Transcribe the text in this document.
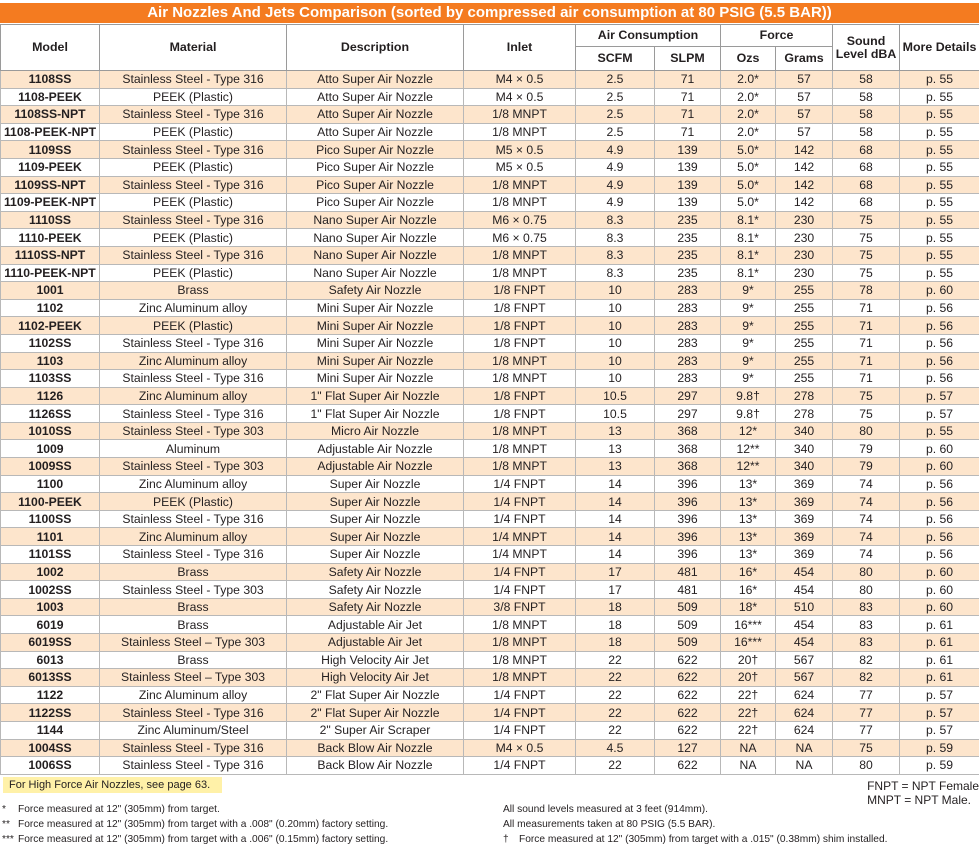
Air Nozzles And Jets Comparison (sorted by compressed air consumption at 80 PSIG (5.5 BAR))
Model	Material	Description	Inlet	Air Consumption		Force		Sound Level dBA	More Details
				SCFM	SLPM	Ozs	Grams		
1108SS	Stainless Steel - Type 316	Atto Super Air Nozzle	M4 × 0.5	2.5	71	2.0*	57	58	p. 55
1108-PEEK	PEEK (Plastic)	Atto Super Air Nozzle	M4 × 0.5	2.5	71	2.0*	57	58	p. 55
1108SS-NPT	Stainless Steel - Type 316	Atto Super Air Nozzle	1/8 MNPT	2.5	71	2.0*	57	58	p. 55
1108-PEEK-NPT	PEEK (Plastic)	Atto Super Air Nozzle	1/8 MNPT	2.5	71	2.0*	57	58	p. 55
1109SS	Stainless Steel - Type 316	Pico Super Air Nozzle	M5 × 0.5	4.9	139	5.0*	142	68	p. 55
1109-PEEK	PEEK (Plastic)	Pico Super Air Nozzle	M5 × 0.5	4.9	139	5.0*	142	68	p. 55
1109SS-NPT	Stainless Steel - Type 316	Pico Super Air Nozzle	1/8 MNPT	4.9	139	5.0*	142	68	p. 55
1109-PEEK-NPT	PEEK (Plastic)	Pico Super Air Nozzle	1/8 MNPT	4.9	139	5.0*	142	68	p. 55
1110SS	Stainless Steel - Type 316	Nano Super Air Nozzle	M6 × 0.75	8.3	235	8.1*	230	75	p. 55
1110-PEEK	PEEK (Plastic)	Nano Super Air Nozzle	M6 × 0.75	8.3	235	8.1*	230	75	p. 55
1110SS-NPT	Stainless Steel - Type 316	Nano Super Air Nozzle	1/8 MNPT	8.3	235	8.1*	230	75	p. 55
1110-PEEK-NPT	PEEK (Plastic)	Nano Super Air Nozzle	1/8 MNPT	8.3	235	8.1*	230	75	p. 55
1001	Brass	Safety Air Nozzle	1/8 FNPT	10	283	9*	255	78	p. 60
1102	Zinc Aluminum alloy	Mini Super Air Nozzle	1/8 FNPT	10	283	9*	255	71	p. 56
1102-PEEK	PEEK (Plastic)	Mini Super Air Nozzle	1/8 FNPT	10	283	9*	255	71	p. 56
1102SS	Stainless Steel - Type 316	Mini Super Air Nozzle	1/8 FNPT	10	283	9*	255	71	p. 56
1103	Zinc Aluminum alloy	Mini Super Air Nozzle	1/8 MNPT	10	283	9*	255	71	p. 56
1103SS	Stainless Steel - Type 316	Mini Super Air Nozzle	1/8 MNPT	10	283	9*	255	71	p. 56
1126	Zinc Aluminum alloy	1" Flat Super Air Nozzle	1/8 FNPT	10.5	297	9.8†	278	75	p. 57
1126SS	Stainless Steel - Type 316	1" Flat Super Air Nozzle	1/8 FNPT	10.5	297	9.8†	278	75	p. 57
1010SS	Stainless Steel - Type 303	Micro Air Nozzle	1/8 MNPT	13	368	12*	340	80	p. 55
1009	Aluminum	Adjustable Air Nozzle	1/8 MNPT	13	368	12**	340	79	p. 60
1009SS	Stainless Steel - Type 303	Adjustable Air Nozzle	1/8 MNPT	13	368	12**	340	79	p. 60
1100	Zinc Aluminum alloy	Super Air Nozzle	1/4 FNPT	14	396	13*	369	74	p. 56
1100-PEEK	PEEK (Plastic)	Super Air Nozzle	1/4 FNPT	14	396	13*	369	74	p. 56
1100SS	Stainless Steel - Type 316	Super Air Nozzle	1/4 FNPT	14	396	13*	369	74	p. 56
1101	Zinc Aluminum alloy	Super Air Nozzle	1/4 MNPT	14	396	13*	369	74	p. 56
1101SS	Stainless Steel - Type 316	Super Air Nozzle	1/4 MNPT	14	396	13*	369	74	p. 56
1002	Brass	Safety Air Nozzle	1/4 FNPT	17	481	16*	454	80	p. 60
1002SS	Stainless Steel - Type 303	Safety Air Nozzle	1/4 FNPT	17	481	16*	454	80	p. 60
1003	Brass	Safety Air Nozzle	3/8 FNPT	18	509	18*	510	83	p. 60
6019	Brass	Adjustable Air Jet	1/8 MNPT	18	509	16***	454	83	p. 61
6019SS	Stainless Steel – Type 303	Adjustable Air Jet	1/8 MNPT	18	509	16***	454	83	p. 61
6013	Brass	High Velocity Air Jet	1/8 MNPT	22	622	20†	567	82	p. 61
6013SS	Stainless Steel – Type 303	High Velocity Air Jet	1/8 MNPT	22	622	20†	567	82	p. 61
1122	Zinc Aluminum alloy	2" Flat Super Air Nozzle	1/4 FNPT	22	622	22†	624	77	p. 57
1122SS	Stainless Steel - Type 316	2" Flat Super Air Nozzle	1/4 FNPT	22	622	22†	624	77	p. 57
1144	Zinc Aluminum/Steel	2" Super Air Scraper	1/4 FNPT	22	622	22†	624	77	p. 57
1004SS	Stainless Steel - Type 316	Back Blow Air Nozzle	M4 × 0.5	4.5	127	NA	NA	75	p. 59
1006SS	Stainless Steel - Type 316	Back Blow Air Nozzle	1/4 FNPT	22	622	NA	NA	80	p. 59
For High Force Air Nozzles, see page 63.	FNPT = NPT Female
MNPT = NPT Male.
* Force measured at 12" (305mm) from target.
** Force measured at 12" (305mm) from target with a .008" (0.20mm) factory setting.
*** Force measured at 12" (305mm) from target with a .006" (0.15mm) factory setting.
All sound levels measured at 3 feet (914mm).
All measurements taken at 80 PSIG (5.5 BAR).
† Force measured at 12" (305mm) from target with a .015" (0.38mm) shim installed.
